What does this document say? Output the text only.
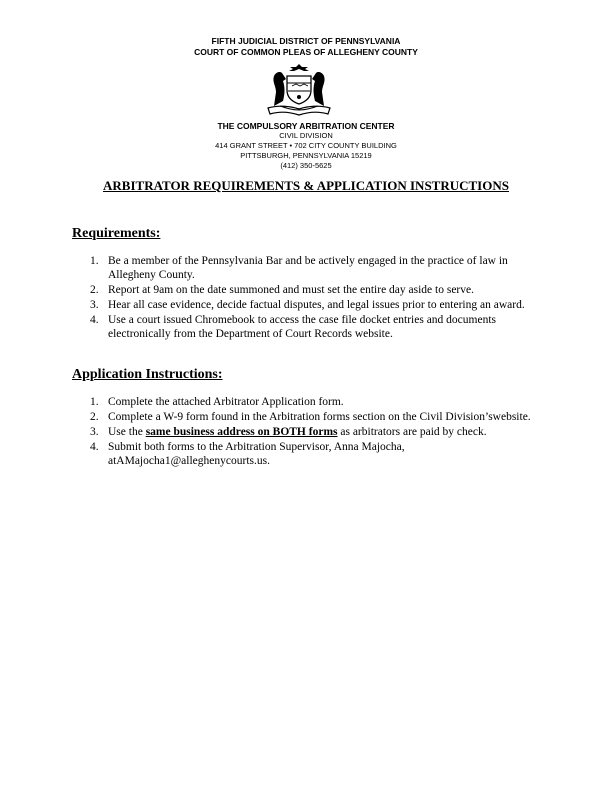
FIFTH JUDICIAL DISTRICT OF PENNSYLVANIA
COURT OF COMMON PLEAS OF ALLEGHENY COUNTY
THE COMPULSORY ARBITRATION CENTER
CIVIL DIVISION
414 GRANT STREET • 702 CITY COUNTY BUILDING
PITTSBURGH, PENNSYLVANIA 15219
(412) 350-5625
ARBITRATOR REQUIREMENTS & APPLICATION INSTRUCTIONS
Requirements:
1. Be a member of the Pennsylvania Bar and be actively engaged in the practice of law in Allegheny County.
2. Report at 9am on the date summoned and must set the entire day aside to serve.
3. Hear all case evidence, decide factual disputes, and legal issues prior to entering an award.
4. Use a court issued Chromebook to access the case file docket entries and documents electronically from the Department of Court Records website.
Application Instructions:
1. Complete the attached Arbitrator Application form.
2. Complete a W-9 form found in the Arbitration forms section on the Civil Division’swebsite.
3. Use the same business address on BOTH forms as arbitrators are paid by check.
4. Submit both forms to the Arbitration Supervisor, Anna Majocha, atAMajocha1@alleghenycourts.us.
